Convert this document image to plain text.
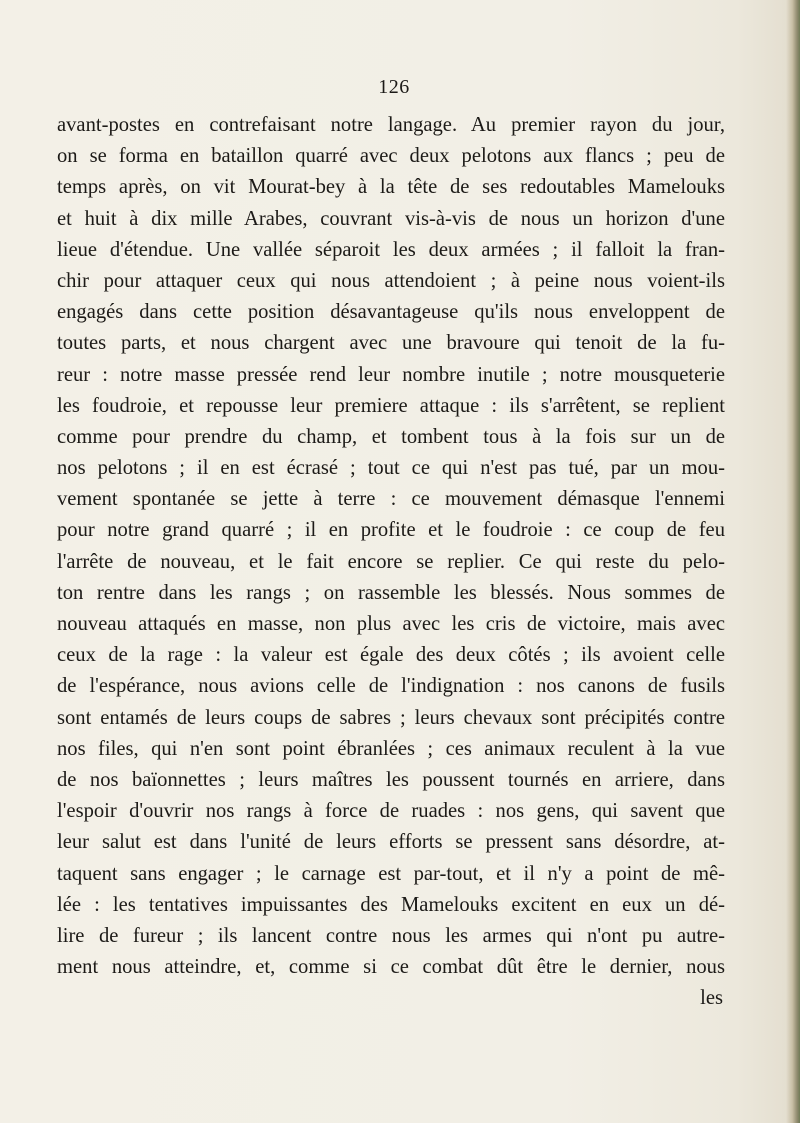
126
avant-postes en contrefaisant notre langage. Au premier rayon du jour,
on se forma en bataillon quarré avec deux pelotons aux flancs ; peu de
temps après, on vit Mourat-bey à la tête de ses redoutables Mamelouks
et huit à dix mille Arabes, couvrant vis-à-vis de nous un horizon d'une
lieue d'étendue. Une vallée séparoit les deux armées ; il falloit la fran-
chir pour attaquer ceux qui nous attendoient ; à peine nous voient-ils
engagés dans cette position désavantageuse qu'ils nous enveloppent de
toutes parts, et nous chargent avec une bravoure qui tenoit de la fu-
reur : notre masse pressée rend leur nombre inutile ; notre mousqueterie
les foudroie, et repousse leur premiere attaque : ils s'arrêtent, se replient
comme pour prendre du champ, et tombent tous à la fois sur un de
nos pelotons ; il en est écrasé ; tout ce qui n'est pas tué, par un mou-
vement spontanée se jette à terre : ce mouvement démasque l'ennemi
pour notre grand quarré ; il en profite et le foudroie : ce coup de feu
l'arrête de nouveau, et le fait encore se replier. Ce qui reste du pelo-
ton rentre dans les rangs ; on rassemble les blessés. Nous sommes de
nouveau attaqués en masse, non plus avec les cris de victoire, mais avec
ceux de la rage : la valeur est égale des deux côtés ; ils avoient celle
de l'espérance, nous avions celle de l'indignation : nos canons de fusils
sont entamés de leurs coups de sabres ; leurs chevaux sont précipités contre
nos files, qui n'en sont point ébranlées ; ces animaux reculent à la vue
de nos baïonnettes ; leurs maîtres les poussent tournés en arriere, dans
l'espoir d'ouvrir nos rangs à force de ruades : nos gens, qui savent que
leur salut est dans l'unité de leurs efforts se pressent sans désordre, at-
taquent sans engager ; le carnage est par-tout, et il n'y a point de mê-
lée : les tentatives impuissantes des Mamelouks excitent en eux un dé-
lire de fureur ; ils lancent contre nous les armes qui n'ont pu autre-
ment nous atteindre, et, comme si ce combat dût être le dernier, nous
les
